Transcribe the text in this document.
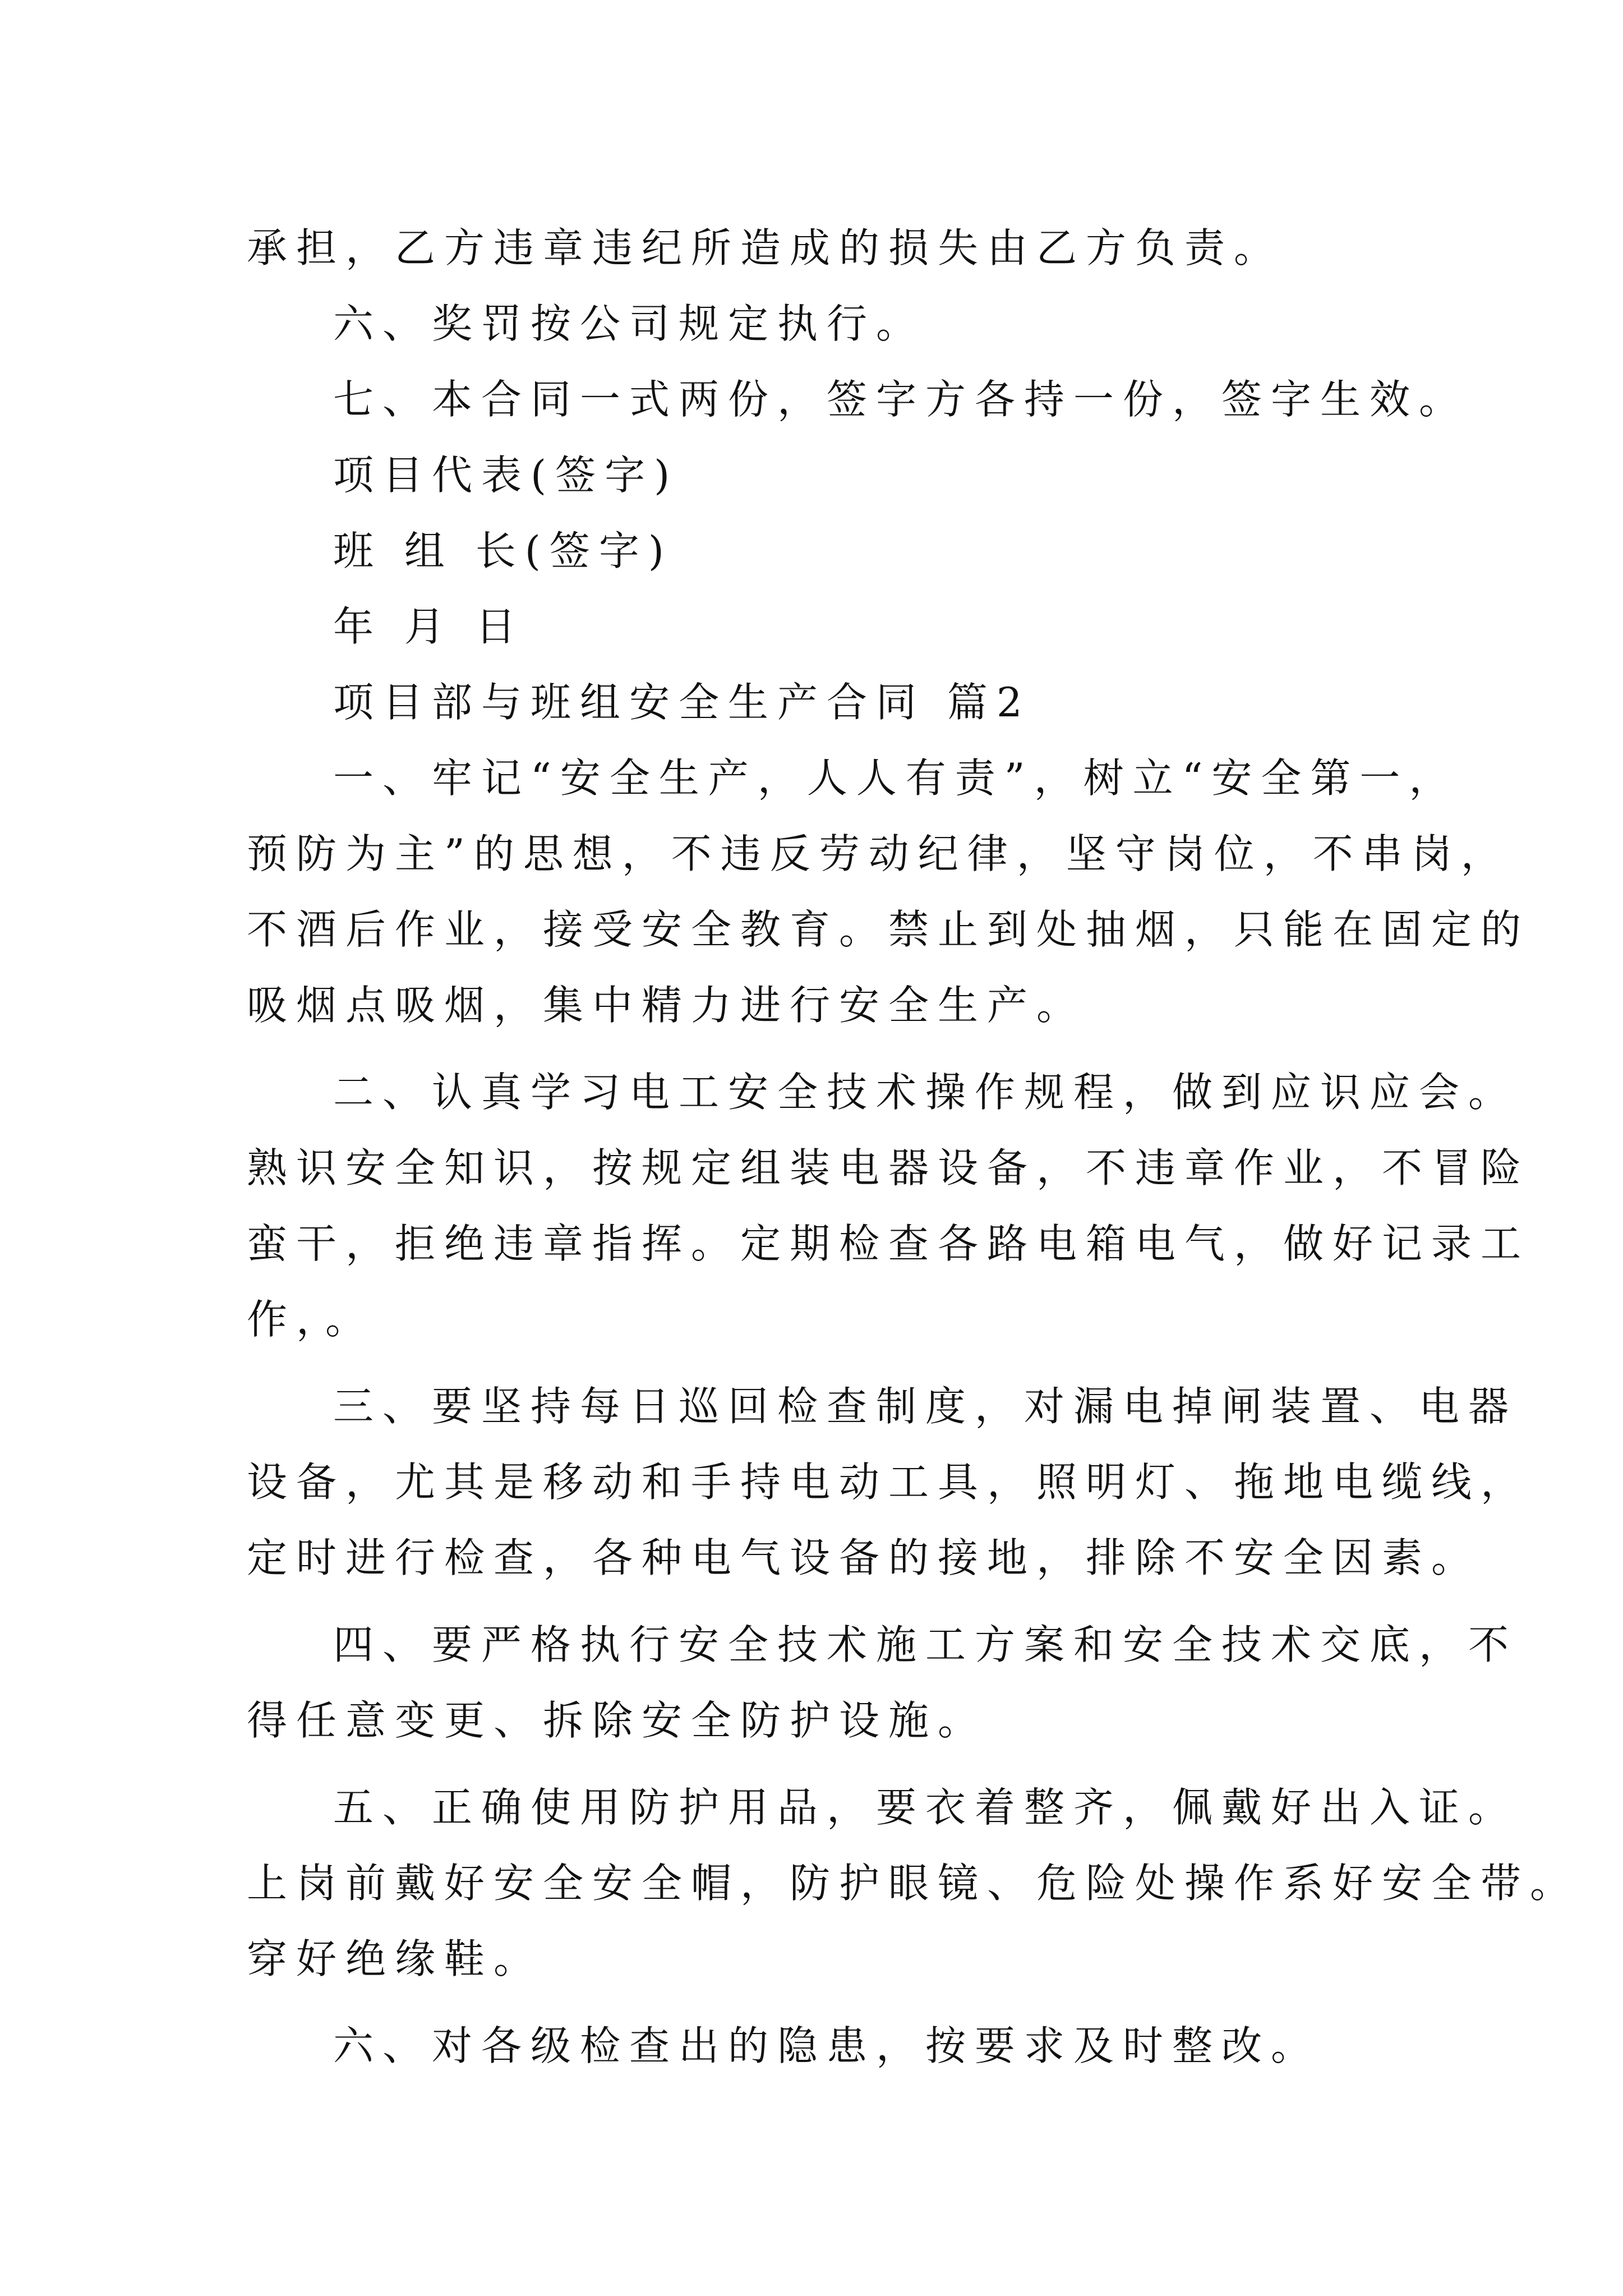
承担，乙方违章违纪所造成的损失由乙方负责。

六、奖罚按公司规定执行。

七、本合同一式两份，签字方各持一份，签字生效。

项目代表(签字)

班 组 长(签字)

年 月 日

项目部与班组安全生产合同 篇2

一、牢记“安全生产，人人有责”，树立“安全第一，

预防为主”的思想，不违反劳动纪律，坚守岗位，不串岗，

不酒后作业，接受安全教育。禁止到处抽烟，只能在固定的

吸烟点吸烟，集中精力进行安全生产。

二、认真学习电工安全技术操作规程，做到应识应会。

熟识安全知识，按规定组装电器设备，不违章作业，不冒险

蛮干，拒绝违章指挥。定期检查各路电箱电气，做好记录工

作，。

三、要坚持每日巡回检查制度，对漏电掉闸装置、电器

设备，尤其是移动和手持电动工具，照明灯、拖地电缆线，

定时进行检查，各种电气设备的接地，排除不安全因素。

四、要严格执行安全技术施工方案和安全技术交底，不

得任意变更、拆除安全防护设施。

五、正确使用防护用品，要衣着整齐，佩戴好出入证。

上岗前戴好安全安全帽，防护眼镜、危险处操作系好安全带。

穿好绝缘鞋。

六、对各级检查出的隐患，按要求及时整改。
